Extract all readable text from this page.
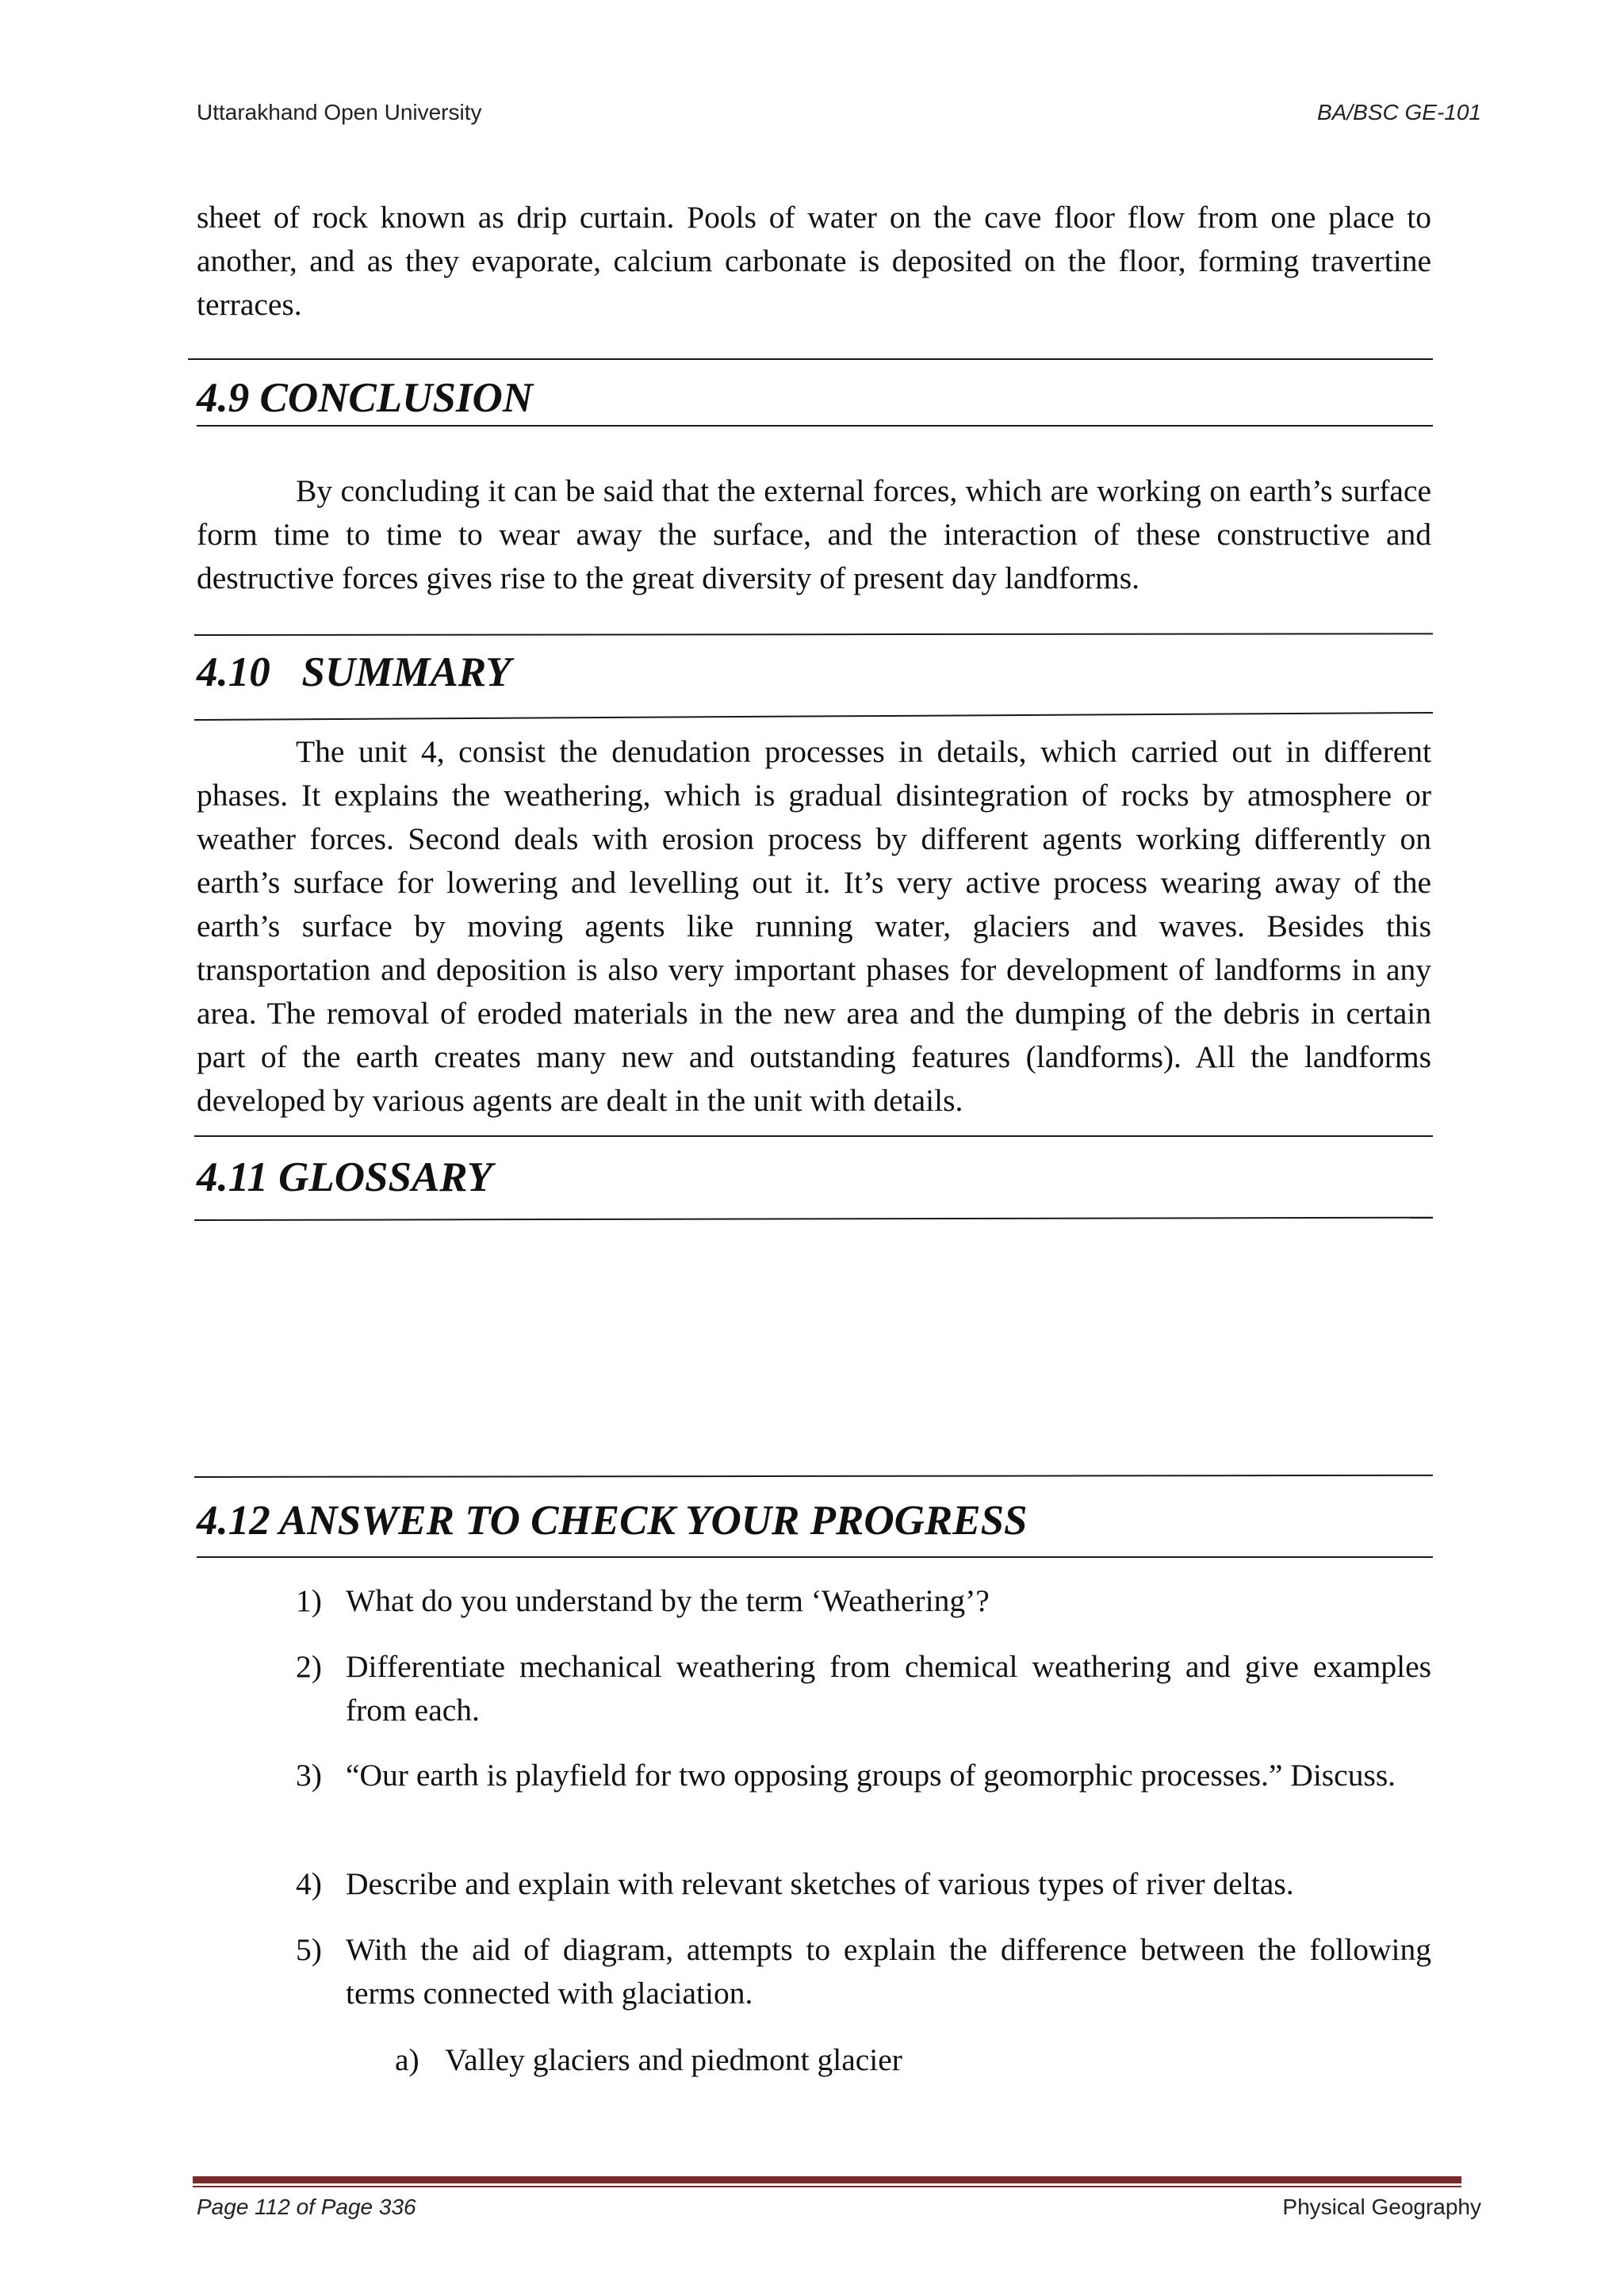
Uttarakhand Open University	BA/BSC GE-101
sheet of rock known as drip curtain. Pools of water on the cave floor flow from one place to another, and as they evaporate, calcium carbonate is deposited on the floor, forming travertine terraces.
4.9 CONCLUSION
By concluding it can be said that the external forces, which are working on earth’s surface form time to time to wear away the surface, and the interaction of these constructive and destructive forces gives rise to the great diversity of present day landforms.
4.10   SUMMARY
The unit 4, consist the denudation processes in details, which carried out in different phases. It explains the weathering, which is gradual disintegration of rocks by atmosphere or weather forces. Second deals with erosion process by different agents working differently on earth’s surface for lowering and levelling out it. It’s very active process wearing away of the earth’s surface by moving agents like running water, glaciers and waves. Besides this transportation and deposition is also very important phases for development of landforms in any area. The removal of eroded materials in the new area and the dumping of the debris in certain part of the earth creates many new and outstanding features (landforms). All the landforms developed by various agents are dealt in the unit with details.
4.11 GLOSSARY
4.12 ANSWER TO CHECK YOUR PROGRESS
1) What do you understand by the term ‘Weathering’?
2) Differentiate mechanical weathering from chemical weathering and give examples from each.
3) “Our earth is playfield for two opposing groups of geomorphic processes.” Discuss.
4) Describe and explain with relevant sketches of various types of river deltas.
5) With the aid of diagram, attempts to explain the difference between the following terms connected with glaciation.
a) Valley glaciers and piedmont glacier
Page 112 of Page 336	Physical Geography
